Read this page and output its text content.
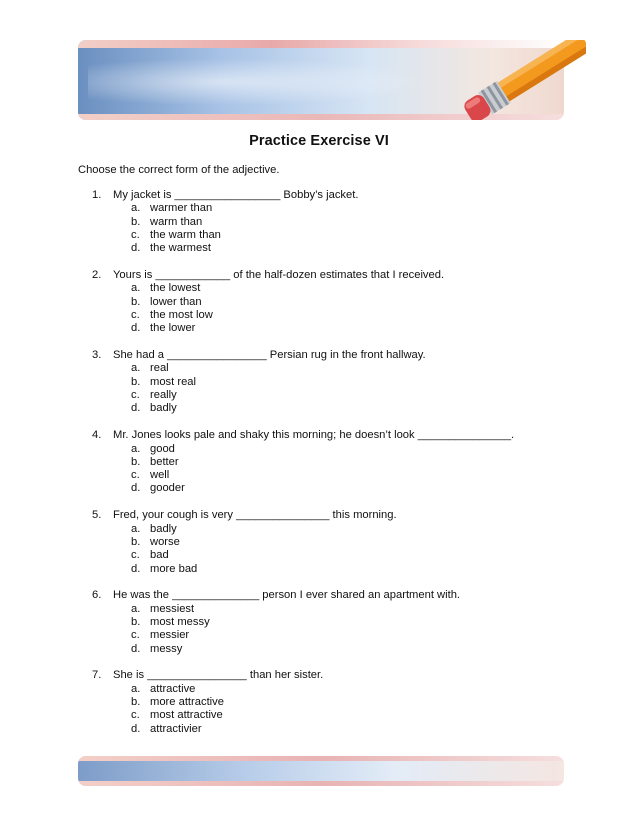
Practice Exercise VI
Choose the correct form of the adjective.
1. My jacket is _________________ Bobby’s jacket.
a. warmer than
b. warm than
c. the warm than
d. the warmest
2. Yours is ____________ of the half-dozen estimates that I received.
a. the lowest
b. lower than
c. the most low
d. the lower
3. She had a ________________ Persian rug in the front hallway.
a. real
b. most real
c. really
d. badly
4. Mr. Jones looks pale and shaky this morning; he doesn’t look _______________.
a. good
b. better
c. well
d. gooder
5. Fred, your cough is very _______________ this morning.
a. badly
b. worse
c. bad
d. more bad
6. He was the ______________ person I ever shared an apartment with.
a. messiest
b. most messy
c. messier
d. messy
7. She is ________________ than her sister.
a. attractive
b. more attractive
c. most attractive
d. attractivier
